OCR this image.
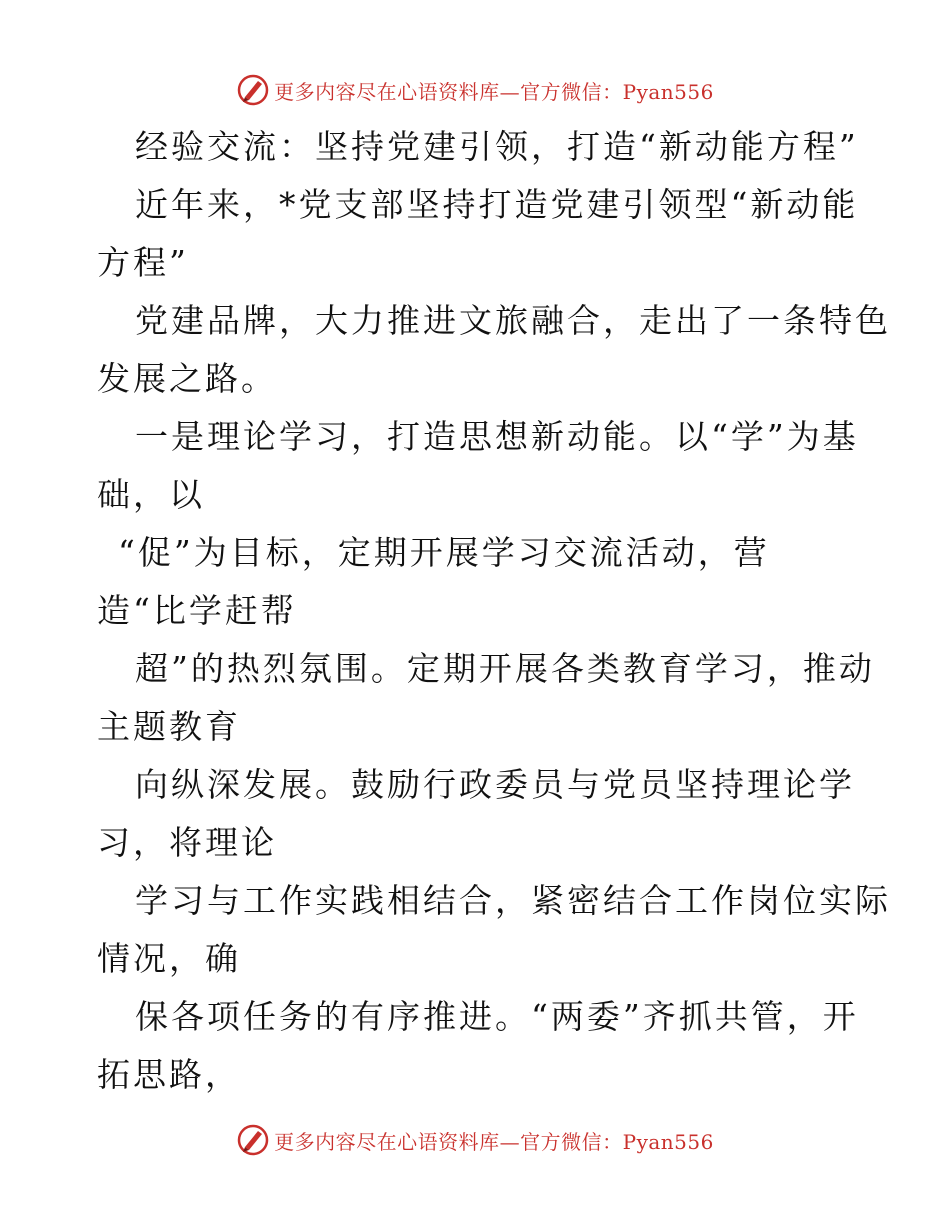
更多内容尽在心语资料库—官方微信：Pyan556
经验交流：坚持党建引领，打造“新动能方程”
近年来，*党支部坚持打造党建引领型“新动能
方程”
党建品牌，大力推进文旅融合，走出了一条特色
发展之路。
一是理论学习，打造思想新动能。以“学”为基
础，以
“促”为目标，定期开展学习交流活动，营
造“比学赶帮
超”的热烈氛围。定期开展各类教育学习，推动
主题教育
向纵深发展。鼓励行政委员与党员坚持理论学
习，将理论
学习与工作实践相结合，紧密结合工作岗位实际
情况，确
保各项任务的有序推进。“两委”齐抓共管，开
拓思路，
更多内容尽在心语资料库—官方微信：Pyan556
